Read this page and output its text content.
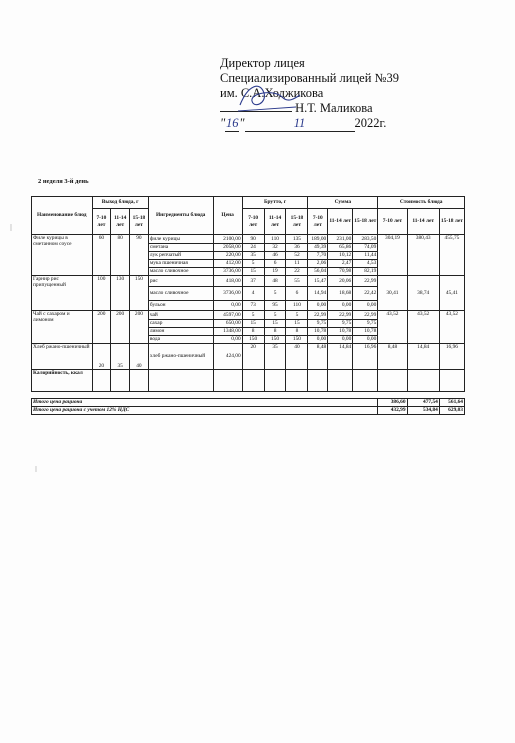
Директор лицея
Специализированный лицей №39
им. С.А.Ходжикова
Н.Т. Маликова
"16"	11	2022г.
2 неделя 3-й день
Наименование блюд	Выход блюда, г			Ингредиенты блюда	Цена	Брутто, г			Сумма			Стоимость блюда		
	7-10 лет	11-14 лет	15-18 лет			7-10 лет	11-14 лет	15-18 лет	7-10 лет	11-14 лет	15-18 лет	7-10 лет	11-14 лет	15-18 лет
Филе курицы в сметанном соусе	60	80	90	филе курицы	2100,00	90	110	135	189,00	231,00	283,50	304,19	380,43	455,75
				сметана	2058,00	24	32	36	49,39	65,86	74,09			
				лук репчатый	220,00	35	46	52	7,70	10,12	11,44			
				мука пшеничная	412,00	5	6	11	2,06	2,47	4,53			
				масло сливочное	3736,00	15	19	22	56,04	70,98	82,19			
Гарнир рис припущенный	100	130	150	рис	418,00	37	48	55	15,47	20,06	22,99	30,41	38,74	45,41
				масло сливочное	3736,00	4	5	6	14,94	18,68	22,42			
				бульон	0,00	73	95	110	0,00	0,00	0,00			
Чай с сахаром и лимоном	200	200	200	чай	4597,00	5	5	5	22,99	22,99	22,99	43,52	43,52	43,52
				сахар	650,00	15	15	15	9,75	9,75	9,75			
				лимон	1348,00	8	8	8	10,78	10,78	10,78			
				вода	0,00	150	150	150	0,00	0,00	0,00			
Хлеб ржано-пшеничный	20	35	40	хлеб ржано-пшеничный	424,00	20	35	40	8,48	14,84	16,96	8,48	14,84	16,96
Калорийность, ккал														

Итого цена рациона												386,60	477,54	561,64
Итого цена рациона с учетом 12% НДС												432,99	534,84	629,03
